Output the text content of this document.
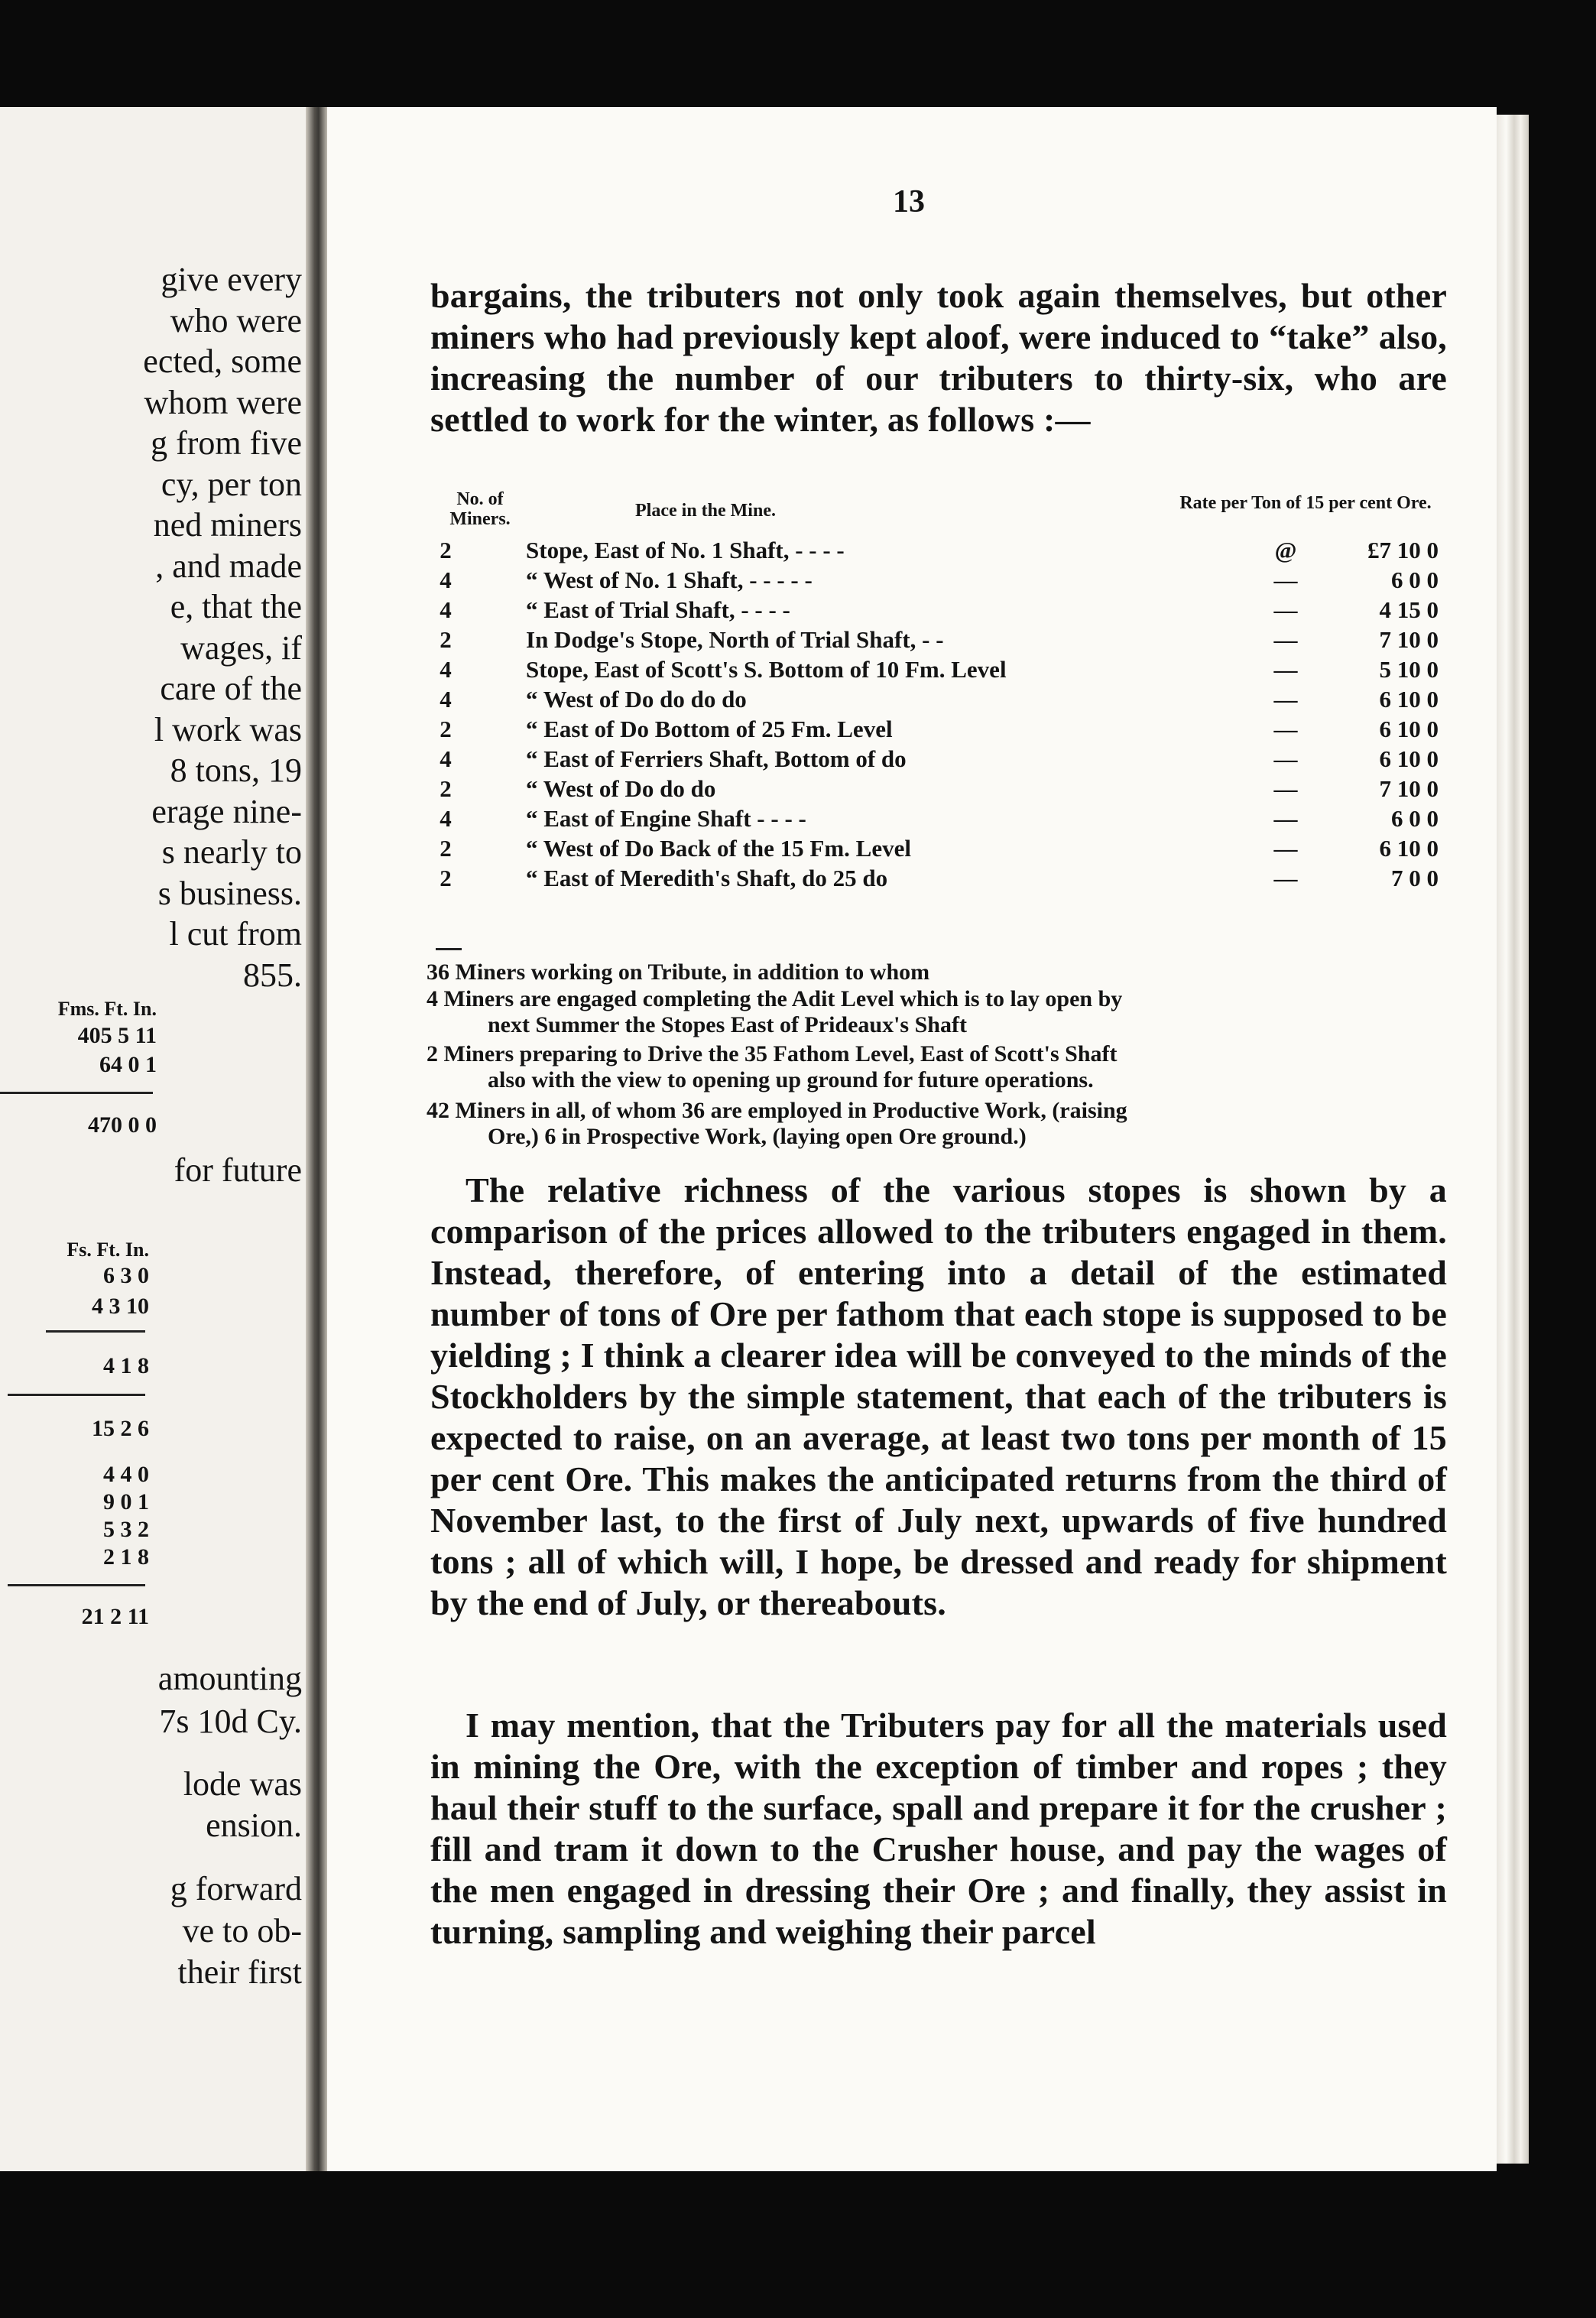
give every
who were
ected, some
whom were
g from five
cy, per ton
ned miners
, and made
e, that the
wages, if
care of the
l work was
8 tons, 19
erage nine-
s nearly to
s business.
l cut from
855.
Fms. Ft. In.
405 5 11
64 0 1
470 0 0
for future
Fs. Ft. In.
6 3 0
4 3 10
4 1 8
15 2 6
4 4 0
9 0 1
5 3 2
2 1 8
21 2 11
amounting
7s 10d Cy.
lode was
ension.
g forward
ve to ob-
their first
13

bargains, the tributers not only took again themselves, but other miners who had previously kept aloof, were induced to “take” also, increasing the number of our tributers to thirty-six, who are settled to work for the winter, as follows :—

No. of Miners.	Place in the Mine.	Rate per Ton of 15 per cent Ore.
2	Stope, East of No. 1 Shaft, - - - -	@	£7 10 0
4	“ West of No. 1 Shaft, - - - - -	—	6 0 0
4	“ East of Trial Shaft, - - - -	—	4 15 0
2	In Dodge's Stope, North of Trial Shaft, - -	—	7 10 0
4	Stope, East of Scott's S. Bottom of 10 Fm. Level	—	5 10 0
4	“ West of Do do do do	—	6 10 0
2	“ East of Do Bottom of 25 Fm. Level	—	6 10 0
4	“ East of Ferriers Shaft, Bottom of do	—	6 10 0
2	“ West of Do do do	—	7 10 0
4	“ East of Engine Shaft - - - -	—	6 0 0
2	“ West of Do Back of the 15 Fm. Level	—	6 10 0
2	“ East of Meredith's Shaft, do 25 do	—	7 0 0
36 Miners working on Tribute, in addition to whom
4 Miners are engaged completing the Adit Level which is to lay open by
next Summer the Stopes East of Prideaux's Shaft
2 Miners preparing to Drive the 35 Fathom Level, East of Scott's Shaft
also with the view to opening up ground for future operations.
42 Miners in all, of whom 36 are employed in Productive Work, (raising
Ore,) 6 in Prospective Work, (laying open Ore ground.)

The relative richness of the various stopes is shown by a comparison of the prices allowed to the tributers engaged in them. Instead, therefore, of entering into a detail of the estimated number of tons of Ore per fathom that each stope is supposed to be yielding ; I think a clearer idea will be conveyed to the minds of the Stockholders by the simple statement, that each of the tributers is expected to raise, on an average, at least two tons per month of 15 per cent Ore. This makes the anticipated returns from the third of November last, to the first of July next, upwards of five hundred tons ; all of which will, I hope, be dressed and ready for shipment by the end of July, or thereabouts.

I may mention, that the Tributers pay for all the materials used in mining the Ore, with the exception of timber and ropes ; they haul their stuff to the surface, spall and prepare it for the crusher ; fill and tram it down to the Crusher house, and pay the wages of the men engaged in dressing their Ore ; and finally, they assist in turning, sampling and weighing their parcel
